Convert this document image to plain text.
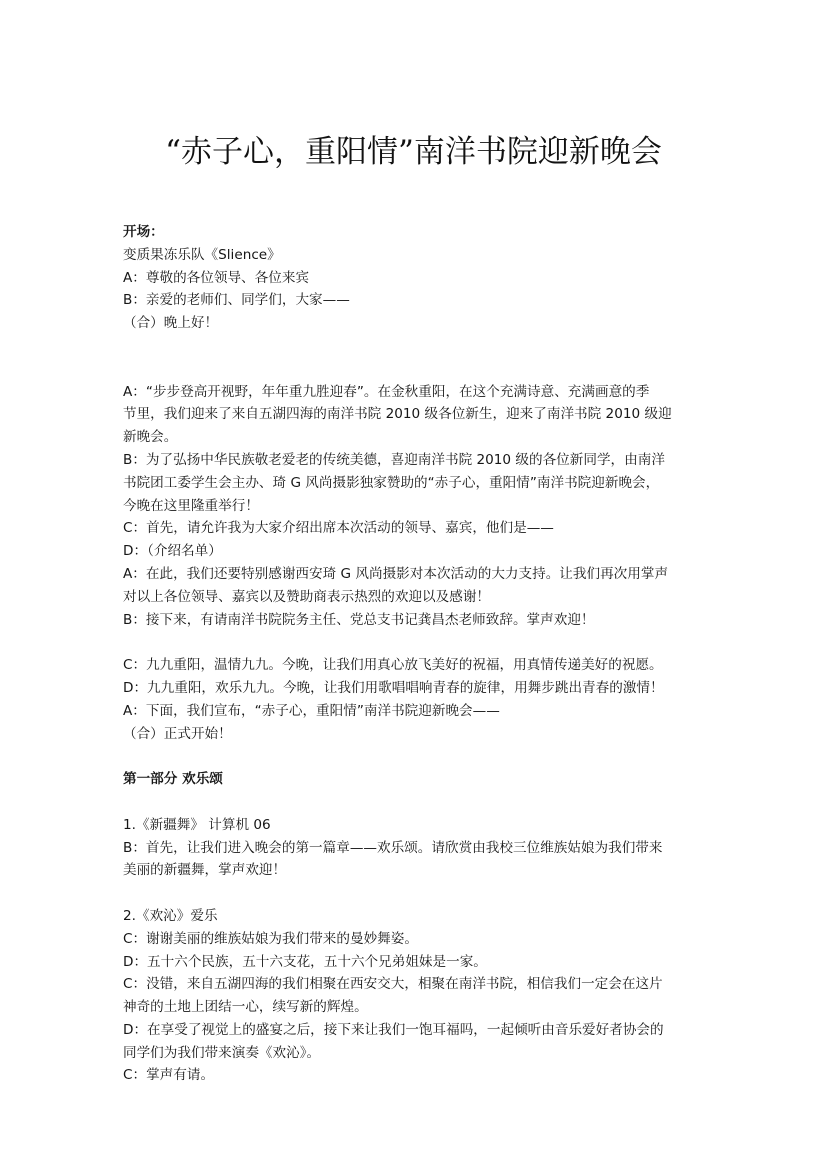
“赤子心，重阳情”南洋书院迎新晚会
开场：
变质果冻乐队《Slience》
A：尊敬的各位领导、各位来宾
B：亲爱的老师们、同学们，大家——
（合）晚上好！
A：“步步登高开视野，年年重九胜迎春”。在金秋重阳，在这个充满诗意、充满画意的季
节里，我们迎来了来自五湖四海的南洋书院 2010 级各位新生，迎来了南洋书院 2010 级迎
新晚会。
B：为了弘扬中华民族敬老爱老的传统美德，喜迎南洋书院 2010 级的各位新同学，由南洋
书院团工委学生会主办、琦 G 风尚摄影独家赞助的“赤子心，重阳情”南洋书院迎新晚会，
今晚在这里隆重举行！
C：首先，请允许我为大家介绍出席本次活动的领导、嘉宾，他们是——
D：（介绍名单）
A：在此，我们还要特别感谢西安琦 G 风尚摄影对本次活动的大力支持。让我们再次用掌声
对以上各位领导、嘉宾以及赞助商表示热烈的欢迎以及感谢！
B：接下来，有请南洋书院院务主任、党总支书记龚昌杰老师致辞。掌声欢迎！
C：九九重阳，温情九九。今晚，让我们用真心放飞美好的祝福，用真情传递美好的祝愿。
D：九九重阳，欢乐九九。今晚，让我们用歌唱唱响青春的旋律，用舞步跳出青春的激情！
A：下面，我们宣布，“赤子心，重阳情”南洋书院迎新晚会——
（合）正式开始！
第一部分 欢乐颂
1.《新疆舞》 计算机 06
B：首先，让我们进入晚会的第一篇章——欢乐颂。请欣赏由我校三位维族姑娘为我们带来
美丽的新疆舞，掌声欢迎！
2.《欢沁》爱乐
C：谢谢美丽的维族姑娘为我们带来的曼妙舞姿。
D：五十六个民族，五十六支花，五十六个兄弟姐妹是一家。
C：没错，来自五湖四海的我们相聚在西安交大，相聚在南洋书院，相信我们一定会在这片
神奇的土地上团结一心，续写新的辉煌。
D：在享受了视觉上的盛宴之后，接下来让我们一饱耳福吗，一起倾听由音乐爱好者协会的
同学们为我们带来演奏《欢沁》。
C：掌声有请。
